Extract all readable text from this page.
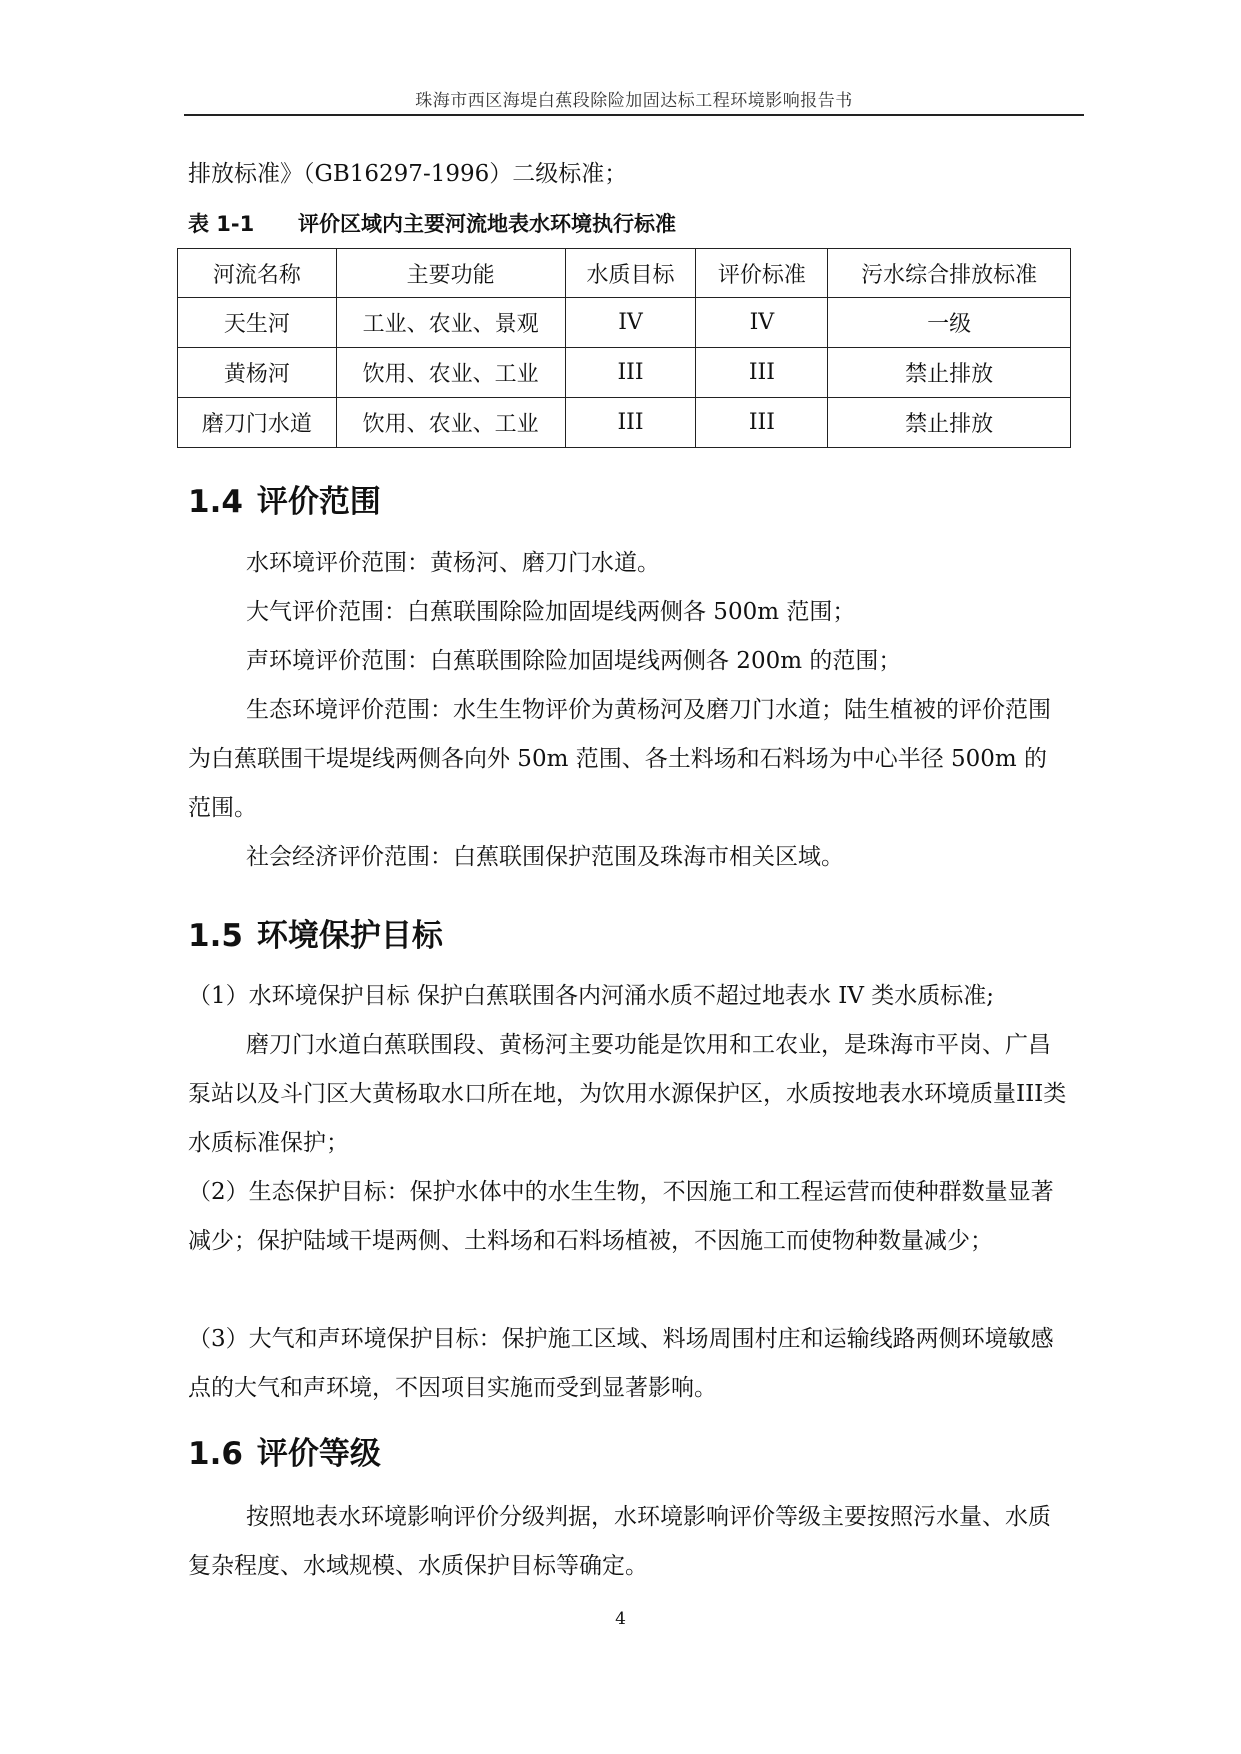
珠海市西区海堤白蕉段除险加固达标工程环境影响报告书
排放标准》（GB16297-1996）二级标准；
表 1-1 评价区域内主要河流地表水环境执行标准
河流名称	主要功能	水质目标	评价标准	污水综合排放标准
天生河	工业、农业、景观	IV	IV	一级
黄杨河	饮用、农业、工业	III	III	禁止排放
磨刀门水道	饮用、农业、工业	III	III	禁止排放
1.4 评价范围
水环境评价范围：黄杨河、磨刀门水道。
大气评价范围：白蕉联围除险加固堤线两侧各 500m 范围；
声环境评价范围：白蕉联围除险加固堤线两侧各 200m 的范围；
生态环境评价范围：水生生物评价为黄杨河及磨刀门水道；陆生植被的评价范围为白蕉联围干堤堤线两侧各向外 50m 范围、各土料场和石料场为中心半径 500m 的范围。
社会经济评价范围：白蕉联围保护范围及珠海市相关区域。
1.5 环境保护目标
（1）水环境保护目标 保护白蕉联围各内河涌水质不超过地表水 IV 类水质标准;
磨刀门水道白蕉联围段、黄杨河主要功能是饮用和工农业，是珠海市平岗、广昌泵站以及斗门区大黄杨取水口所在地，为饮用水源保护区，水质按地表水环境质量III类水质标准保护；
（2）生态保护目标：保护水体中的水生生物，不因施工和工程运营而使种群数量显著减少；保护陆域干堤两侧、土料场和石料场植被，不因施工而使物种数量减少；
（3）大气和声环境保护目标：保护施工区域、料场周围村庄和运输线路两侧环境敏感点的大气和声环境，不因项目实施而受到显著影响。
1.6 评价等级
按照地表水环境影响评价分级判据，水环境影响评价等级主要按照污水量、水质复杂程度、水域规模、水质保护目标等确定。
4
